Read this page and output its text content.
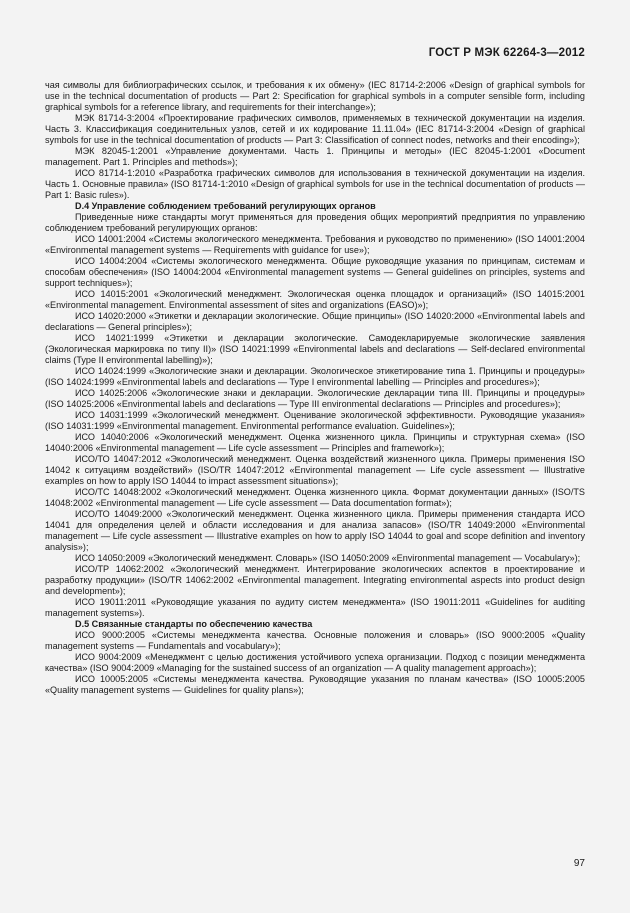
ГОСТ Р МЭК 62264-3—2012

чая символы для библиографических ссылок, и требования к их обмену» (IEC 81714-2:2006 «Design of graphical symbols for use in the technical documentation of products — Part 2: Specification for graphical symbols in a computer sensible form, including graphical symbols for a reference library, and requirements for their interchange»);

МЭК 81714-3:2004 «Проектирование графических символов, применяемых в технической документации на изделия. Часть 3. Классификация соединительных узлов, сетей и их кодирование 11.11.04» (IEC 81714-3:2004 «Design of graphical symbols for use in the technical documentation of products — Part 3: Classification of connect nodes, networks and their encoding»);

МЭК 82045-1:2001 «Управление документами. Часть 1. Принципы и методы» (IEC 82045-1:2001 «Document management. Part 1. Principles and methods»);

ИСО 81714-1:2010 «Разработка графических символов для использования в технической документации на изделия. Часть 1. Основные правила» (ISO 81714-1:2010 «Design of graphical symbols for use in the technical documentation of products — Part 1: Basic rules»).

D.4 Управление соблюдением требований регулирующих органов

Приведенные ниже стандарты могут применяться для проведения общих мероприятий предприятия по управлению соблюдением требований регулирующих органов:

ИСО 14001:2004 «Системы экологического менеджмента. Требования и руководство по применению» (ISO 14001:2004 «Environmental management systems — Requirements with guidance for use»);

ИСО 14004:2004 «Системы экологического менеджмента. Общие руководящие указания по принципам, системам и способам обеспечения» (ISO 14004:2004 «Environmental management systems — General guidelines on principles, systems and support techniques»);

ИСО 14015:2001 «Экологический менеджмент. Экологическая оценка площадок и организаций» (ISO 14015:2001 «Environmental management. Environmental assessment of sites and organizations (EASO)»);

ИСО 14020:2000 «Этикетки и декларации экологические. Общие принципы» (ISO 14020:2000 «Environmental labels and declarations — General principles»);

ИСО 14021:1999 «Этикетки и декларации экологические. Самодекларируемые экологические заявления (Экологическая маркировка по типу II)» (ISO 14021:1999 «Environmental labels and declarations — Self-declared environmental claims (Type II environmental labelling)»);

ИСО 14024:1999 «Экологические знаки и декларации. Экологическое этикетирование типа 1. Принципы и процедуры» (ISO 14024:1999 «Environmental labels and declarations — Type I environmental labelling — Principles and procedures»);

ИСО 14025:2006 «Экологические знаки и декларации. Экологические декларации типа III. Принципы и процедуры» (ISO 14025:2006 «Environmental labels and declarations — Type III environmental declarations — Principles and procedures»);

ИСО 14031:1999 «Экологический менеджмент. Оценивание экологической эффективности. Руководящие указания» (ISO 14031:1999 «Environmental management. Environmental performance evaluation. Guidelines»);

ИСО 14040:2006 «Экологический менеджмент. Оценка жизненного цикла. Принципы и структурная схема» (ISO 14040:2006 «Environmental management — Life cycle assessment — Principles and framework»);

ИСО/ТО 14047:2012 «Экологический менеджмент. Оценка воздействий жизненного цикла. Примеры применения ISO 14042 к ситуациям воздействий» (ISO/TR 14047:2012 «Environmental management — Life cycle assessment — Illustrative examples on how to apply ISO 14044 to impact assessment situations»);

ИСО/ТС 14048:2002 «Экологический менеджмент. Оценка жизненного цикла. Формат документации данных» (ISO/TS 14048:2002 «Environmental management — Life cycle assessment — Data documentation format»);

ИСО/ТО 14049:2000 «Экологический менеджмент. Оценка жизненного цикла. Примеры применения стандарта ИСО 14041 для определения целей и области исследования и для анализа запасов» (ISO/TR 14049:2000 «Environmental management — Life cycle assessment — Illustrative examples on how to apply ISO 14044 to goal and scope definition and inventory analysis»);

ИСО 14050:2009 «Экологический менеджмент. Словарь» (ISO 14050:2009 «Environmental management — Vocabulary»);

ИСО/ТР 14062:2002 «Экологический менеджмент. Интегрирование экологических аспектов в проектирование и разработку продукции» (ISO/TR 14062:2002 «Environmental management. Integrating environmental aspects into product design and development»);

ИСО 19011:2011 «Руководящие указания по аудиту систем менеджмента» (ISO 19011:2011 «Guidelines for auditing management systems»).

D.5 Связанные стандарты по обеспечению качества

ИСО 9000:2005 «Системы менеджмента качества. Основные положения и словарь» (ISO 9000:2005 «Quality management systems — Fundamentals and vocabulary»);

ИСО 9004:2009 «Менеджмент с целью достижения устойчивого успеха организации. Подход с позиции менеджмента качества» (ISO 9004:2009 «Managing for the sustained success of an organization — A quality management approach»);

ИСО 10005:2005 «Системы менеджмента качества. Руководящие указания по планам качества» (ISO 10005:2005 «Quality management systems — Guidelines for quality plans»);

97
